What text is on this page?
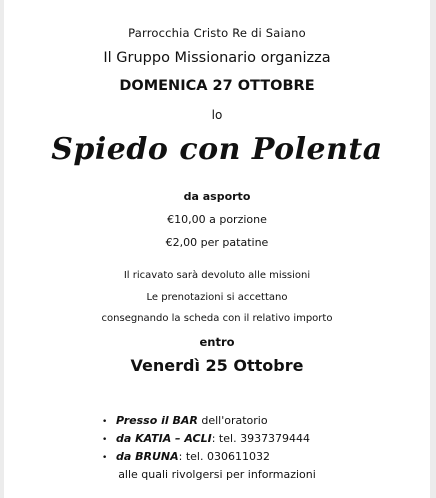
Parrocchia Cristo Re di Saiano
Il Gruppo Missionario organizza
DOMENICA 27 OTTOBRE
lo
Spiedo con Polenta
da asporto
€10,00 a porzione
€2,00 per patatine
Il ricavato sarà devoluto alle missioni
Le prenotazioni si accettano
consegnando la scheda con il relativo importo
entro
Venerdì 25 Ottobre
• Presso il BAR dell'oratorio
• da KATIA – ACLI: tel. 3937379444
• da BRUNA: tel. 030611032
alle quali rivolgersi per informazioni
